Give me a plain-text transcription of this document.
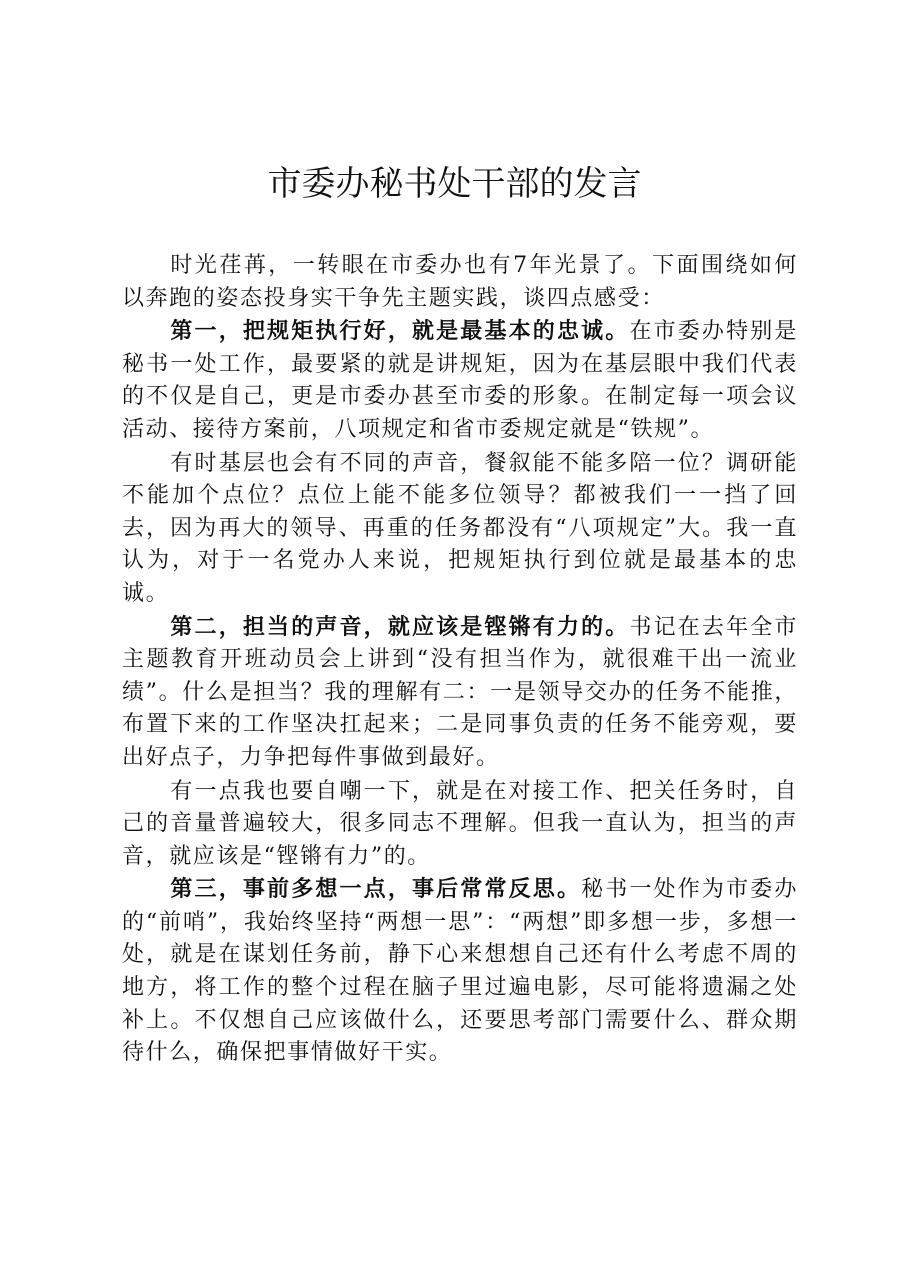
市委办秘书处干部的发言

时光荏苒，一转眼在市委办也有7年光景了。下面围绕如何以奔跑的姿态投身实干争先主题实践，谈四点感受：

第一，把规矩执行好，就是最基本的忠诚。在市委办特别是秘书一处工作，最要紧的就是讲规矩，因为在基层眼中我们代表的不仅是自己，更是市委办甚至市委的形象。在制定每一项会议活动、接待方案前，八项规定和省市委规定就是“铁规”。

有时基层也会有不同的声音，餐叙能不能多陪一位？调研能不能加个点位？点位上能不能多位领导？都被我们一一挡了回去，因为再大的领导、再重的任务都没有“八项规定”大。我一直认为，对于一名党办人来说，把规矩执行到位就是最基本的忠诚。

第二，担当的声音，就应该是铿锵有力的。书记在去年全市主题教育开班动员会上讲到“没有担当作为，就很难干出一流业绩”。什么是担当？我的理解有二：一是领导交办的任务不能推，布置下来的工作坚决扛起来；二是同事负责的任务不能旁观，要出好点子，力争把每件事做到最好。

有一点我也要自嘲一下，就是在对接工作、把关任务时，自己的音量普遍较大，很多同志不理解。但我一直认为，担当的声音，就应该是“铿锵有力”的。

第三，事前多想一点，事后常常反思。秘书一处作为市委办的“前哨”，我始终坚持“两想一思”：“两想”即多想一步，多想一处，就是在谋划任务前，静下心来想想自己还有什么考虑不周的地方，将工作的整个过程在脑子里过遍电影，尽可能将遗漏之处补上。不仅想自己应该做什么，还要思考部门需要什么、群众期待什么，确保把事情做好干实。
